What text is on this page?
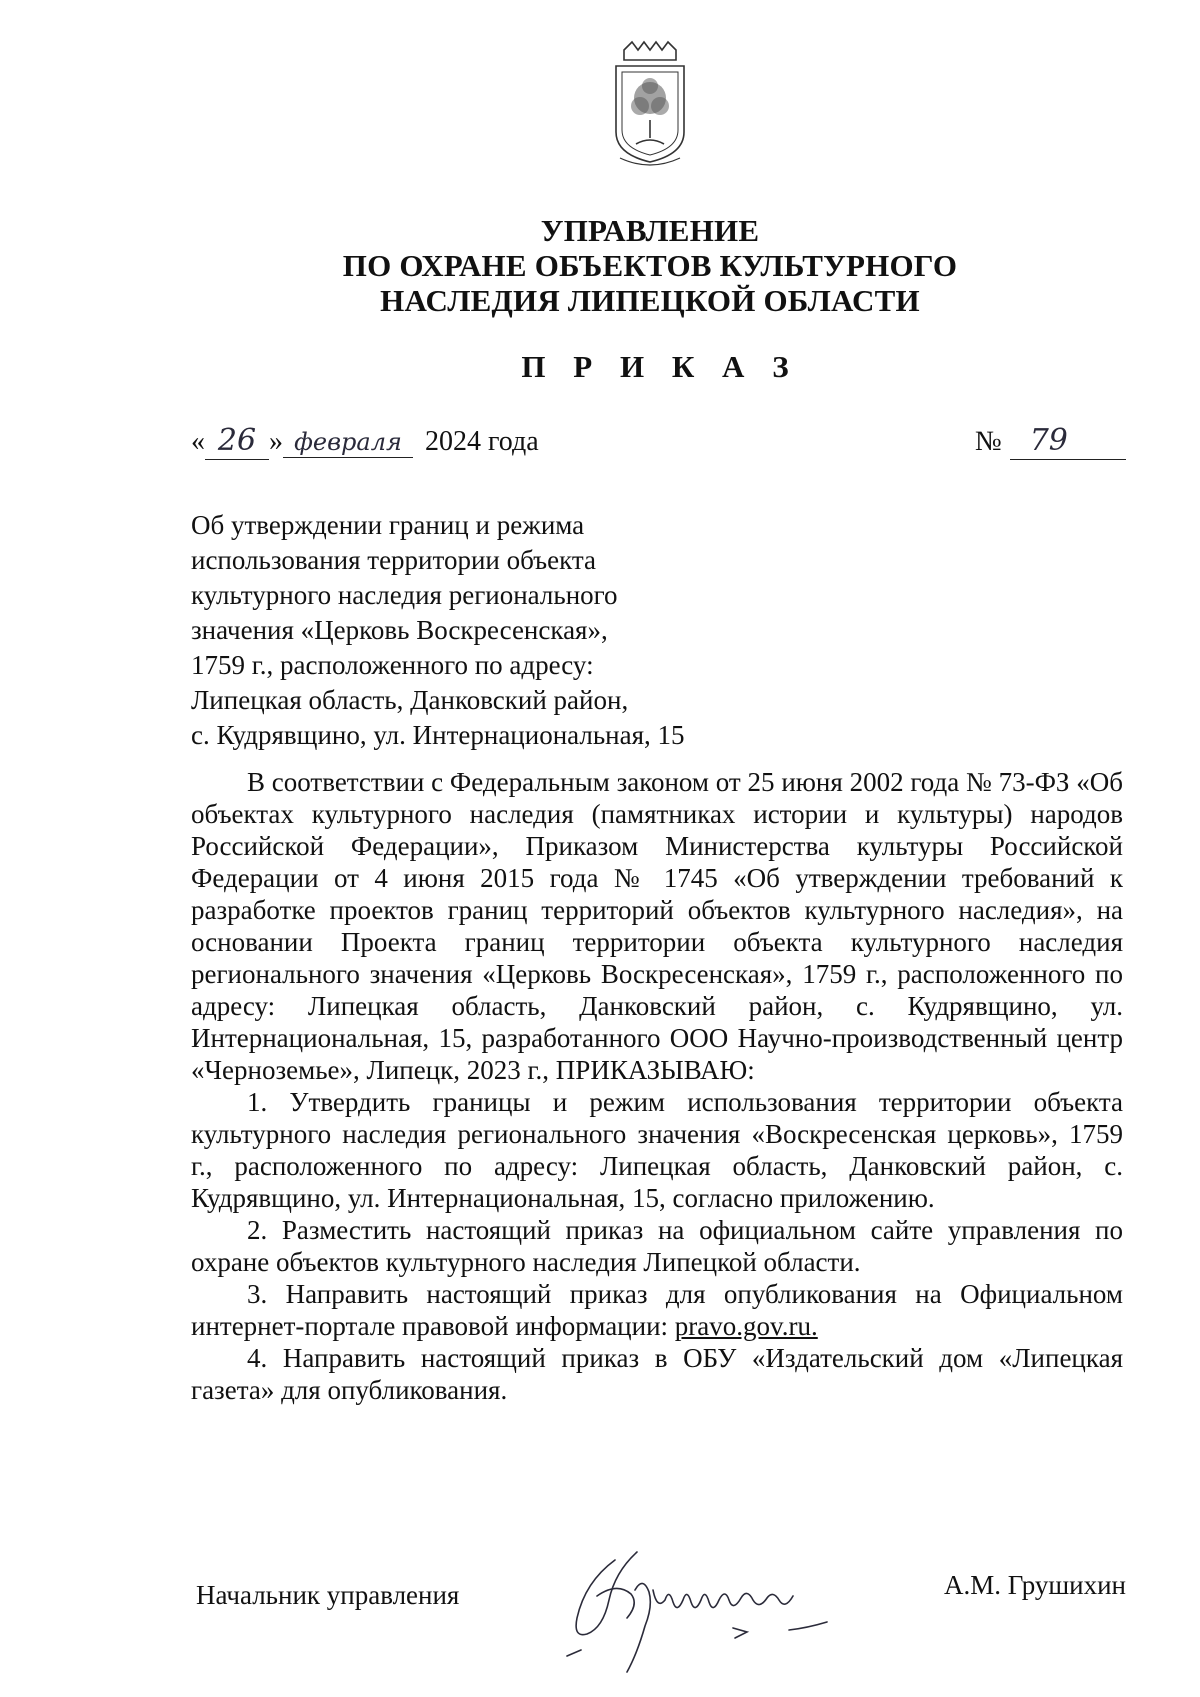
УПРАВЛЕНИЕ
ПО ОХРАНЕ ОБЪЕКТОВ КУЛЬТУРНОГО
НАСЛЕДИЯ ЛИПЕЦКОЙ ОБЛАСТИ
П Р И К А З
« 26 » февраля 2024 года	№ 79
Об утверждении границ и режима
использования территории объекта
культурного наследия регионального
значения «Церковь Воскресенская»,
1759 г., расположенного по адресу:
Липецкая область, Данковский район,
с. Кудрявщино, ул. Интернациональная, 15

В соответствии с Федеральным законом от 25 июня 2002 года № 73-ФЗ «Об объектах культурного наследия (памятниках истории и культуры) народов Российской Федерации», Приказом Министерства культуры Российской Федерации от 4 июня 2015 года № 1745 «Об утверждении требований к разработке проектов границ территорий объектов культурного наследия», на основании Проекта границ территории объекта культурного наследия регионального значения «Церковь Воскресенская», 1759 г., расположенного по адресу: Липецкая область, Данковский район, с. Кудрявщино, ул. Интернациональная, 15, разработанного ООО Научно-производственный центр «Черноземье», Липецк, 2023 г., ПРИКАЗЫВАЮ:

1. Утвердить границы и режим использования территории объекта культурного наследия регионального значения «Воскресенская церковь», 1759 г., расположенного по адресу: Липецкая область, Данковский район, с. Кудрявщино, ул. Интернациональная, 15, согласно приложению.

2. Разместить настоящий приказ на официальном сайте управления по охране объектов культурного наследия Липецкой области.

3. Направить настоящий приказ для опубликования на Официальном интернет-портале правовой информации: pravo.gov.ru.

4. Направить настоящий приказ в ОБУ «Издательский дом «Липецкая газета» для опубликования.

Начальник управления	А.М. Грушихин
